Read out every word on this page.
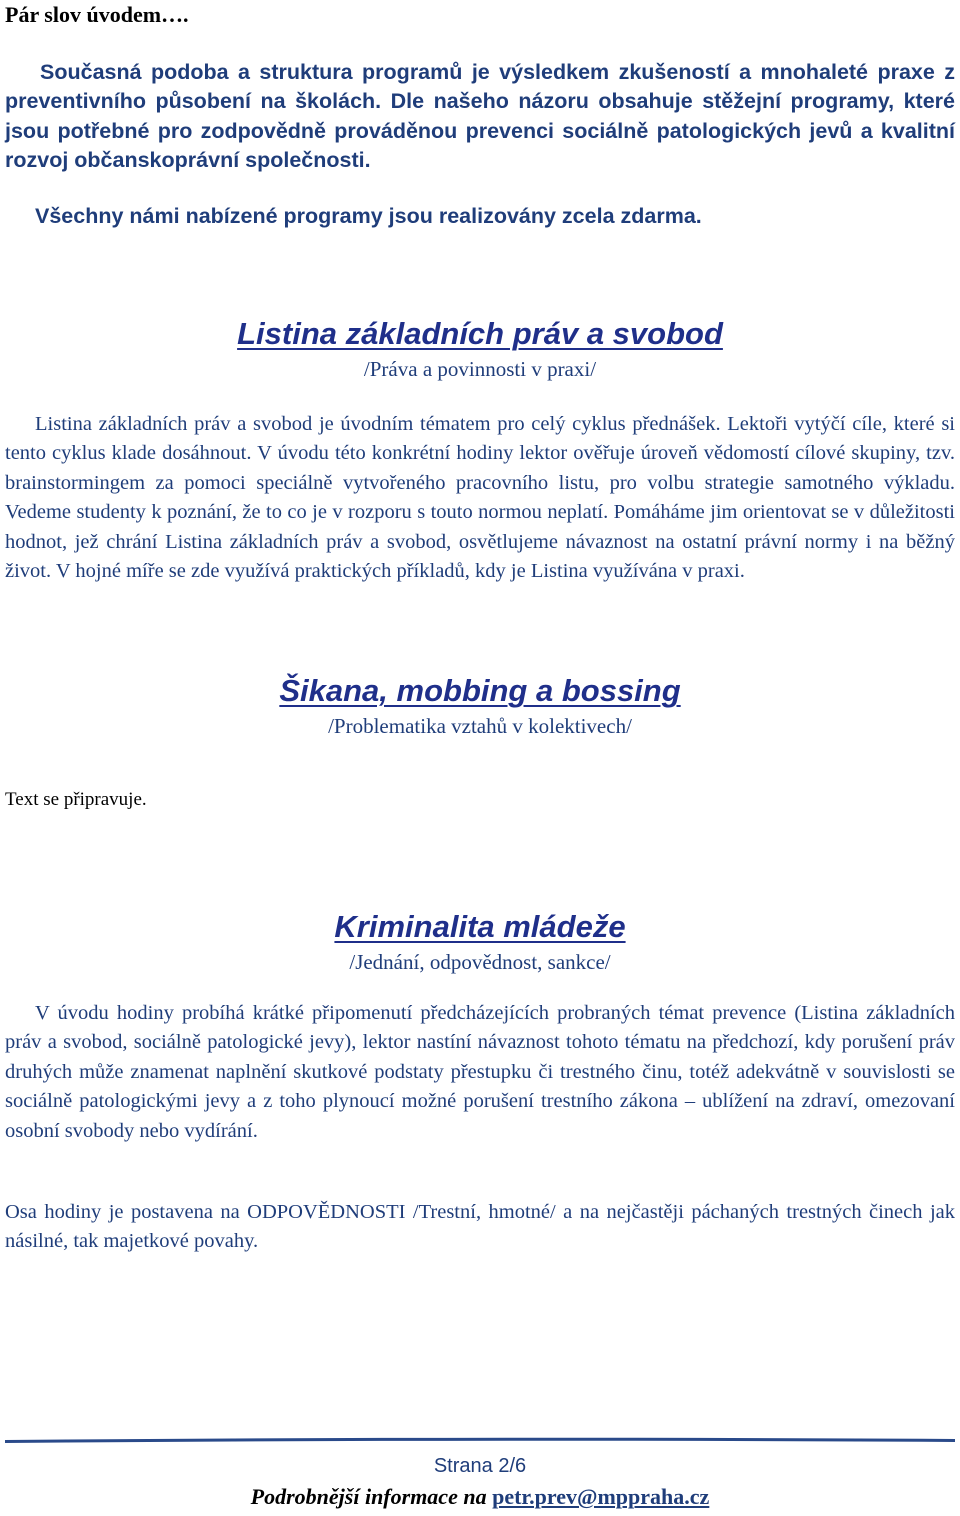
Pár slov úvodem….

Současná podoba a struktura programů je výsledkem zkušeností a mnohaleté praxe z preventivního působení na školách. Dle našeho názoru obsahuje stěžejní programy, které jsou potřebné pro zodpovědně prováděnou prevenci sociálně patologických jevů a kvalitní rozvoj občanskoprávní společnosti.

Všechny námi nabízené programy jsou realizovány zcela zdarma.
Listina základních práv a svobod
/Práva a povinnosti v praxi/

Listina základních práv a svobod je úvodním tématem pro celý cyklus přednášek. Lektoři vytýčí cíle, které si tento cyklus klade dosáhnout. V úvodu této konkrétní hodiny lektor ověřuje úroveň vědomostí cílové skupiny, tzv. brainstormingem za pomoci speciálně vytvořeného pracovního listu, pro volbu strategie samotného výkladu. Vedeme studenty k poznání, že to co je v rozporu s touto normou neplatí. Pomáháme jim orientovat se v důležitosti hodnot, jež chrání Listina základních práv a svobod, osvětlujeme návaznost na ostatní právní normy i na běžný život. V hojné míře se zde využívá praktických příkladů, kdy je Listina využívána v praxi.

Šikana, mobbing a bossing
/Problematika vztahů v kolektivech/
Text se připravuje.
Kriminalita mládeže
/Jednání, odpovědnost, sankce/

V úvodu hodiny probíhá krátké připomenutí předcházejících probraných témat prevence (Listina základních práv a svobod, sociálně patologické jevy), lektor nastíní návaznost tohoto tématu na předchozí, kdy porušení práv druhých může znamenat naplnění skutkové podstaty přestupku či trestného činu, totéž adekvátně v souvislosti se sociálně patologickými jevy a z toho plynoucí možné porušení trestního zákona – ublížení na zdraví, omezovaní osobní svobody nebo vydírání.

Osa hodiny je postavena na ODPOVĚDNOSTI /Trestní, hmotné/ a na nejčastěji páchaných trestných činech jak násilné, tak majetkové povahy.

Strana 2/6
Podrobnější informace na petr.prev@mppraha.cz
